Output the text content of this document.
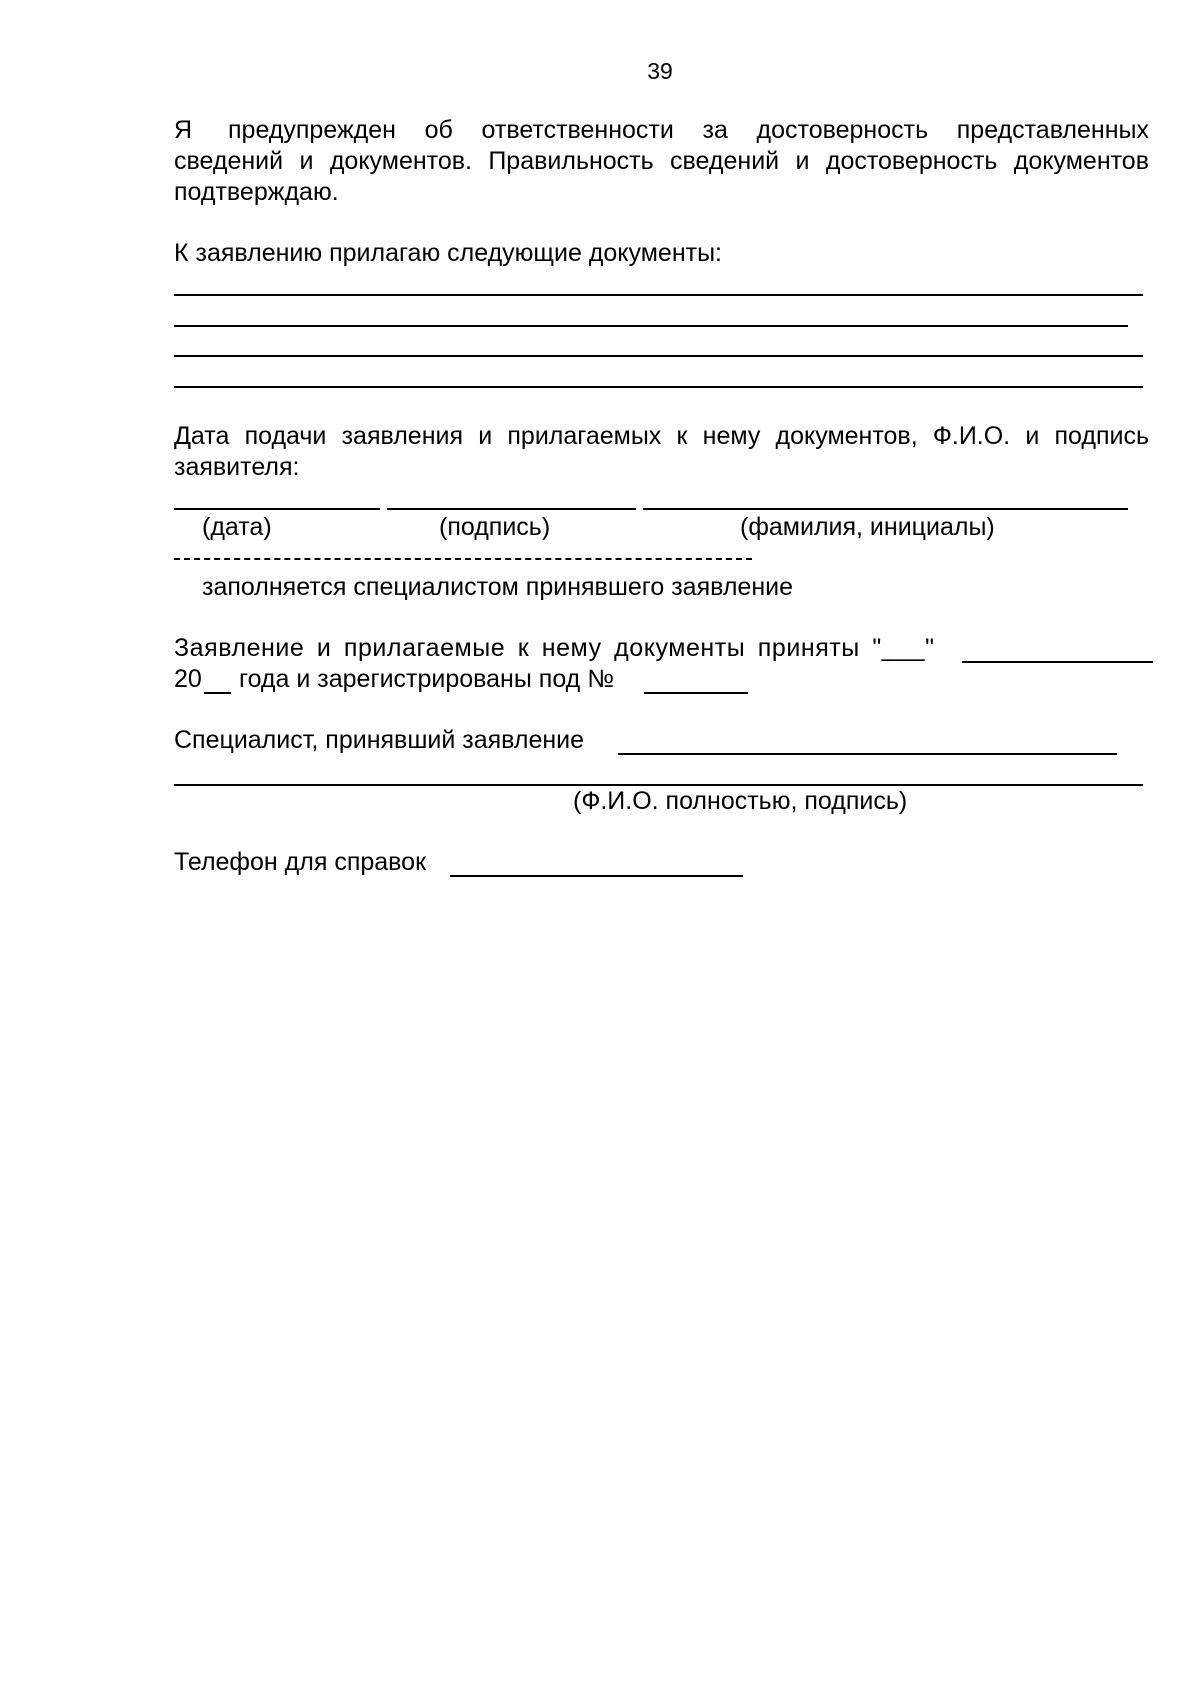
39
Я предупрежден об ответственности за достоверность представленных
сведений и документов. Правильность сведений и достоверность документов
подтверждаю.
К заявлению прилагаю следующие документы:
Дата подачи заявления и прилагаемых к нему документов, Ф.И.О. и подпись
заявителя:
(дата)	(подпись)	(фамилия, инициалы)
заполняется специалистом принявшего заявление
Заявление и прилагаемые к нему документы приняты "___"
20 года и зарегистрированы под №
Специалист, принявший заявление
(Ф.И.О. полностью, подпись)
Телефон для справок
